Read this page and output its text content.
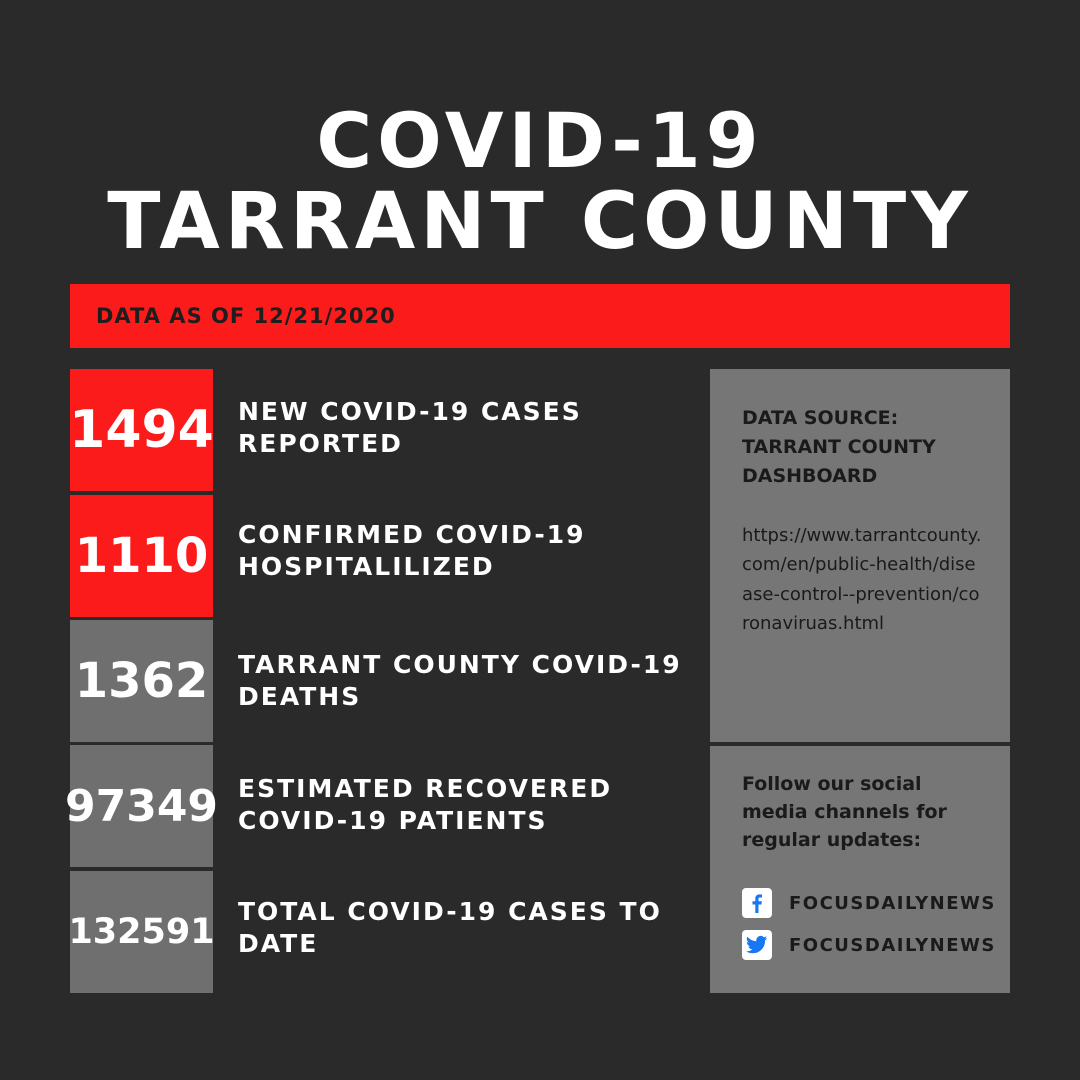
COVID-19
TARRANT COUNTY
DATA AS OF 12/21/2020
1494 NEW COVID-19 CASES REPORTED
1110 CONFIRMED COVID-19 HOSPITALILIZED
1362 TARRANT COUNTY COVID-19 DEATHS
97349 ESTIMATED RECOVERED COVID-19 PATIENTS
132591
TOTAL COVID-19 CASES TO DATE
DATA SOURCE: TARRANT COUNTY DASHBOARD
https://www.tarrantcounty.com/en/public-health/disease-control--prevention/coronaviruas.html
Follow our social media channels for regular updates:
FOCUSDAILYNEWS
FOCUSDAILYNEWS
